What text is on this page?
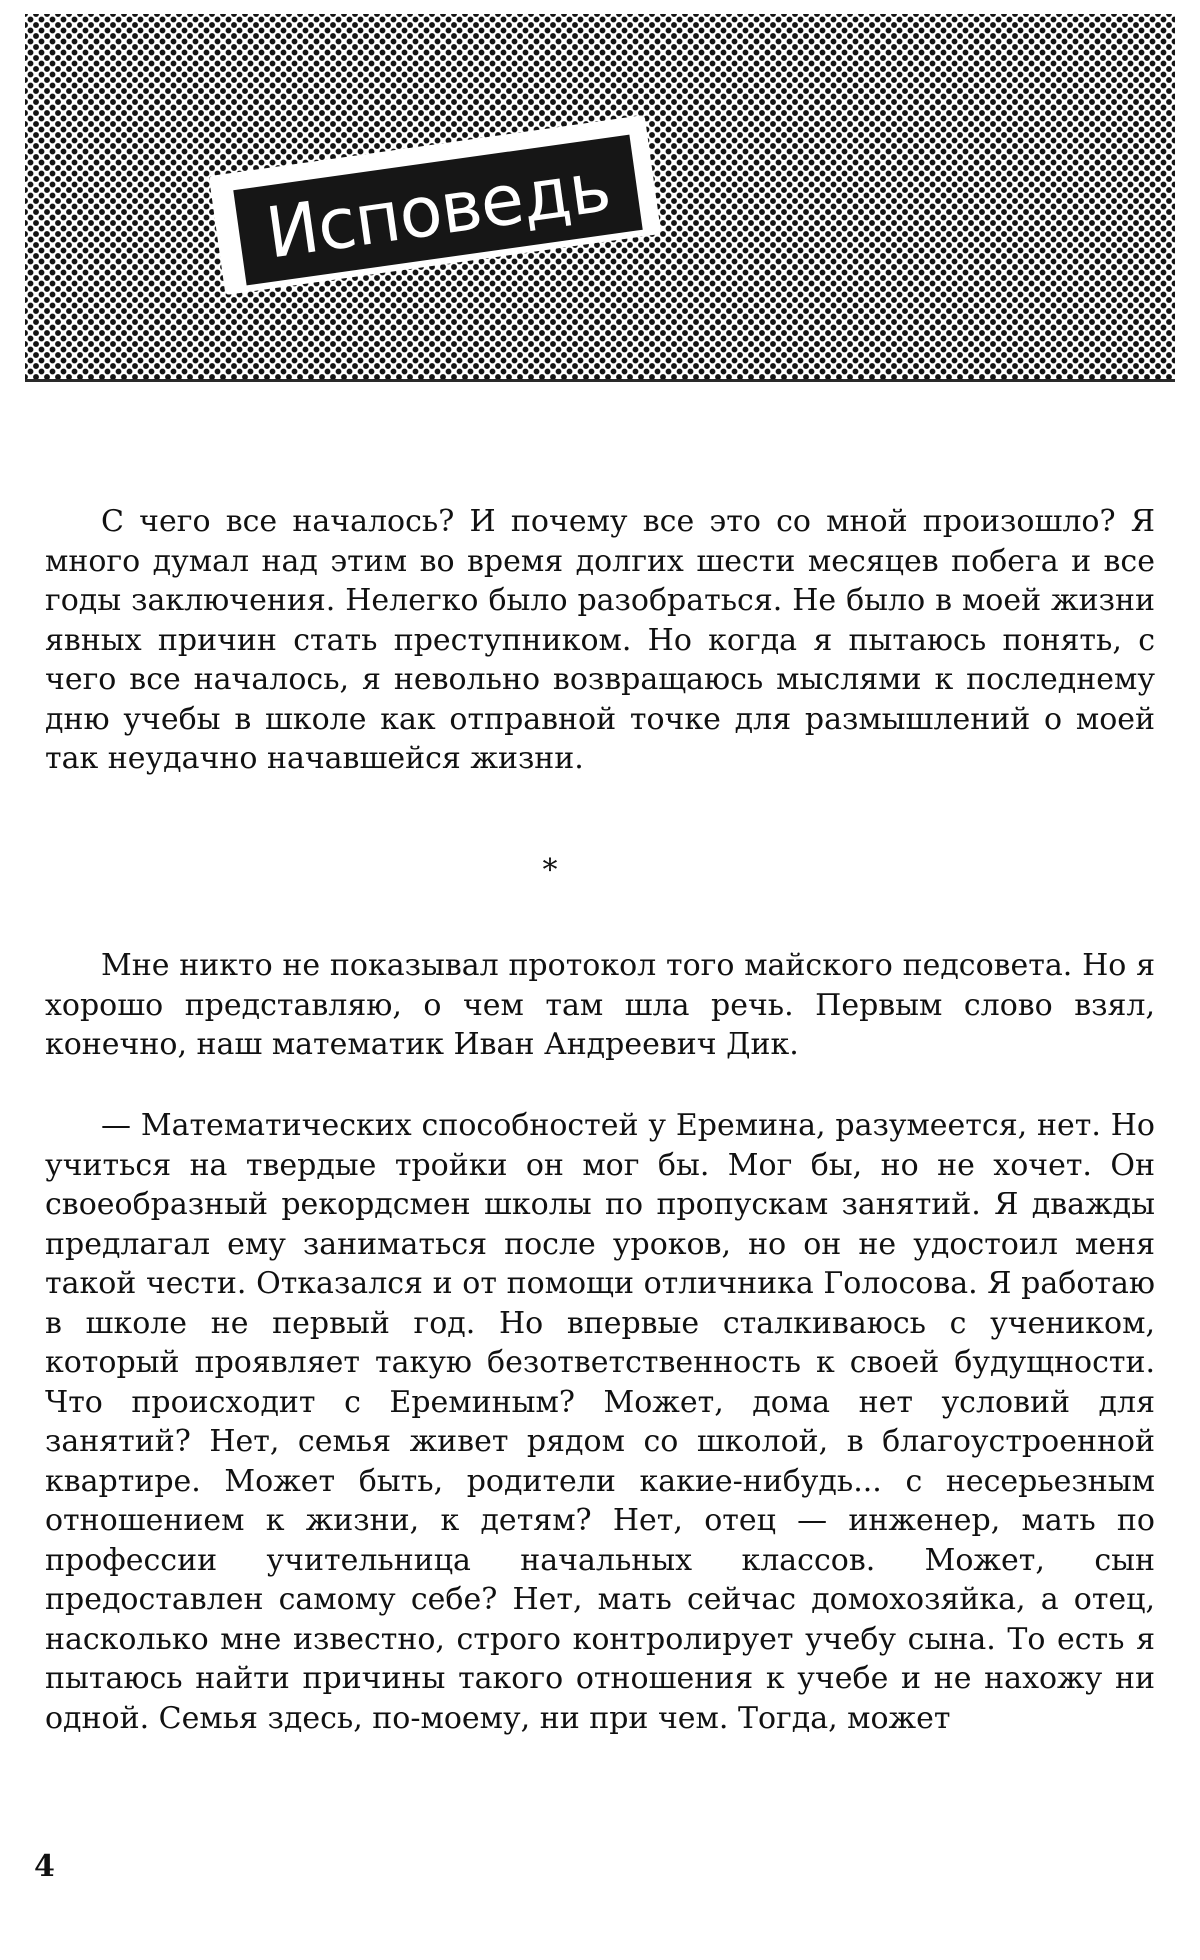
Исповедь

С чего все началось? И почему все это со мной произошло? Я много думал над этим во время долгих шести месяцев побега и все годы заключения. Нелегко было разобраться. Не было в моей жизни явных причин стать преступником. Но когда я пытаюсь понять, с чего все началось, я невольно возвращаюсь мыслями к последнему дню учебы в школе как отправной точке для размышлений о моей так неудачно начавшейся жизни.

*

Мне никто не показывал протокол того майского педсовета. Но я хорошо представляю, о чем там шла речь. Первым слово взял, конечно, наш математик Иван Андреевич Дик.

— Математических способностей у Еремина, разумеется, нет. Но учиться на твердые тройки он мог бы. Мог бы, но не хочет. Он своеобразный рекордсмен школы по пропускам занятий. Я дважды предлагал ему заниматься после уроков, но он не удостоил меня такой чести. Отказался и от помощи отличника Голосова. Я работаю в школе не первый год. Но впервые сталкиваюсь с учеником, который проявляет такую безответственность к своей будущности. Что происходит с Ереминым? Может, дома нет условий для занятий? Нет, семья живет рядом со школой, в благоустроенной квартире. Может быть, родители какие-нибудь... с несерьезным отношением к жизни, к детям? Нет, отец — инженер, мать по профессии учительница начальных классов. Может, сын предоставлен самому себе? Нет, мать сейчас домохозяйка, а отец, насколько мне известно, строго контролирует учебу сына. То есть я пытаюсь найти причины такого отношения к учебе и не нахожу ни одной. Семья здесь, по-моему, ни при чем. Тогда, может

4
